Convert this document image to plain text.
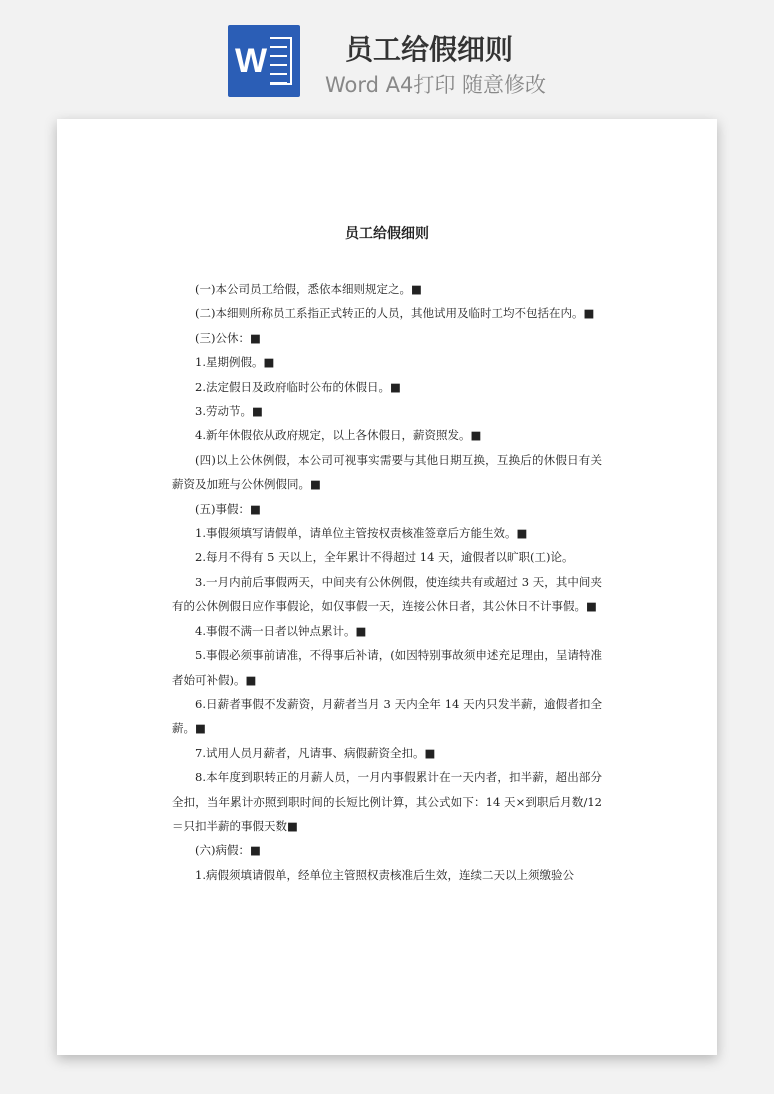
W	员工给假细则
Word A4打印 随意修改
员工给假细则

(一)本公司员工给假，悉依本细则规定之。■

(二)本细则所称员工系指正式转正的人员，其他试用及临时工均不包括在内。■

(三)公休：■

1.星期例假。■

2.法定假日及政府临时公布的休假日。■

3.劳动节。■

4.新年休假依从政府规定，以上各休假日，薪资照发。■

(四)以上公休例假，本公司可视事实需要与其他日期互换，互换后的休假日有关薪资及加班与公休例假同。■

(五)事假：■

1.事假须填写请假单，请单位主管按权责核准签章后方能生效。■

2.每月不得有 5 天以上，全年累计不得超过 14 天，逾假者以旷职(工)论。

3.一月内前后事假两天，中间夹有公休例假，使连续共有或超过 3 天，其中间夹有的公休例假日应作事假论，如仅事假一天，连接公休日者，其公休日不计事假。■

4.事假不满一日者以钟点累计。■

5.事假必须事前请准，不得事后补请，(如因特别事故须申述充足理由，呈请特准者始可补假)。■

6.日薪者事假不发薪资，月薪者当月 3 天内全年 14 天内只发半薪，逾假者扣全薪。■

7.试用人员月薪者，凡请事、病假薪资全扣。■

8.本年度到职转正的月薪人员，一月内事假累计在一天内者，扣半薪，超出部分全扣，当年累计亦照到职时间的长短比例计算，其公式如下：14 天×到职后月数/12＝只扣半薪的事假天数■

(六)病假：■

1.病假须填请假单，经单位主管照权责核准后生效，连续二天以上须缴验公
